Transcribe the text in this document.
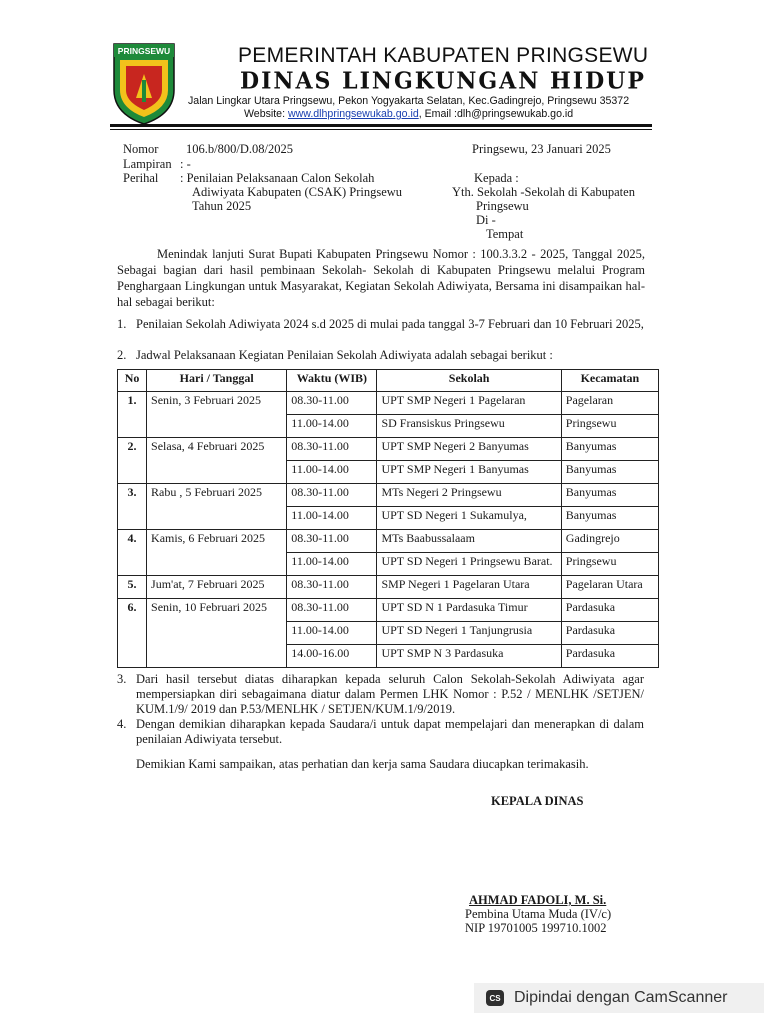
PRINGSEWU	PEMERINTAH KABUPATEN PRINGSEWU
DINAS LINGKUNGAN HIDUP
Jalan Lingkar Utara Pringsewu, Pekon Yogyakarta Selatan, Kec.Gadingrejo, Pringsewu 35372
Website: www.dlhpringsewukab.go.id, Email :dlh@pringsewukab.go.id
Nomor 106.b/800/D.08/2025
Lampiran : -
Perihal : Penilaian Pelaksanaan Calon Sekolah
Adiwiyata Kabupaten (CSAK) Pringsewu
Tahun 2025
Pringsewu, 23 Januari 2025
Kepada :
Yth. Sekolah -Sekolah di Kabupaten
Pringsewu
Di -
Tempat
Menindak lanjuti Surat Bupati Kabupaten Pringsewu Nomor : 100.3.3.2 - 2025, Tanggal 2025, Sebagai bagian dari hasil pembinaan Sekolah- Sekolah di Kabupaten Pringsewu melalui Program Penghargaan Lingkungan untuk Masyarakat, Kegiatan Sekolah Adiwiyata, Bersama ini disampaikan hal-hal sebagai berikut:
1. Penilaian Sekolah Adiwiyata 2024 s.d 2025 di mulai pada tanggal 3-7 Februari dan 10 Februari 2025,
2. Jadwal Pelaksanaan Kegiatan Penilaian Sekolah Adiwiyata adalah sebagai berikut :
No	Hari / Tanggal	Waktu (WIB)	Sekolah	Kecamatan
1.	Senin, 3 Februari 2025	08.30-11.00	UPT SMP Negeri 1 Pagelaran	Pagelaran
		11.00-14.00	SD Fransiskus Pringsewu	Pringsewu
2.	Selasa, 4 Februari 2025	08.30-11.00	UPT SMP Negeri 2 Banyumas	Banyumas
		11.00-14.00	UPT SMP Negeri 1 Banyumas	Banyumas
3.	Rabu , 5 Februari 2025	08.30-11.00	MTs Negeri 2 Pringsewu	Banyumas
		11.00-14.00	UPT SD Negeri 1 Sukamulya,	Banyumas
4.	Kamis, 6 Februari 2025	08.30-11.00	MTs Baabussalaam	Gadingrejo
		11.00-14.00	UPT SD Negeri 1 Pringsewu Barat.	Pringsewu
5.	Jum'at, 7 Februari 2025	08.30-11.00	SMP Negeri 1 Pagelaran Utara	Pagelaran Utara
6.	Senin, 10 Februari 2025	08.30-11.00	UPT SD N 1 Pardasuka Timur	Pardasuka
		11.00-14.00	UPT SD Negeri 1 Tanjungrusia	Pardasuka
		14.00-16.00	UPT SMP N 3 Pardasuka	Pardasuka
3. Dari hasil tersebut diatas diharapkan kepada seluruh Calon Sekolah-Sekolah Adiwiyata agar mempersiapkan diri sebagaimana diatur dalam Permen LHK Nomor : P.52 / MENLHK /SETJEN/ KUM.1/9/ 2019 dan P.53/MENLHK / SETJEN/KUM.1/9/2019.
4. Dengan demikian diharapkan kepada Saudara/i untuk dapat mempelajari dan menerapkan di dalam penilaian Adiwiyata tersebut.
Demikian Kami sampaikan, atas perhatian dan kerja sama Saudara diucapkan terimakasih.
KEPALA DINAS
AHMAD FADOLI, M. Si.
Pembina Utama Muda (IV/c)
NIP 19701005 199710.1002
CS Dipindai dengan CamScanner
